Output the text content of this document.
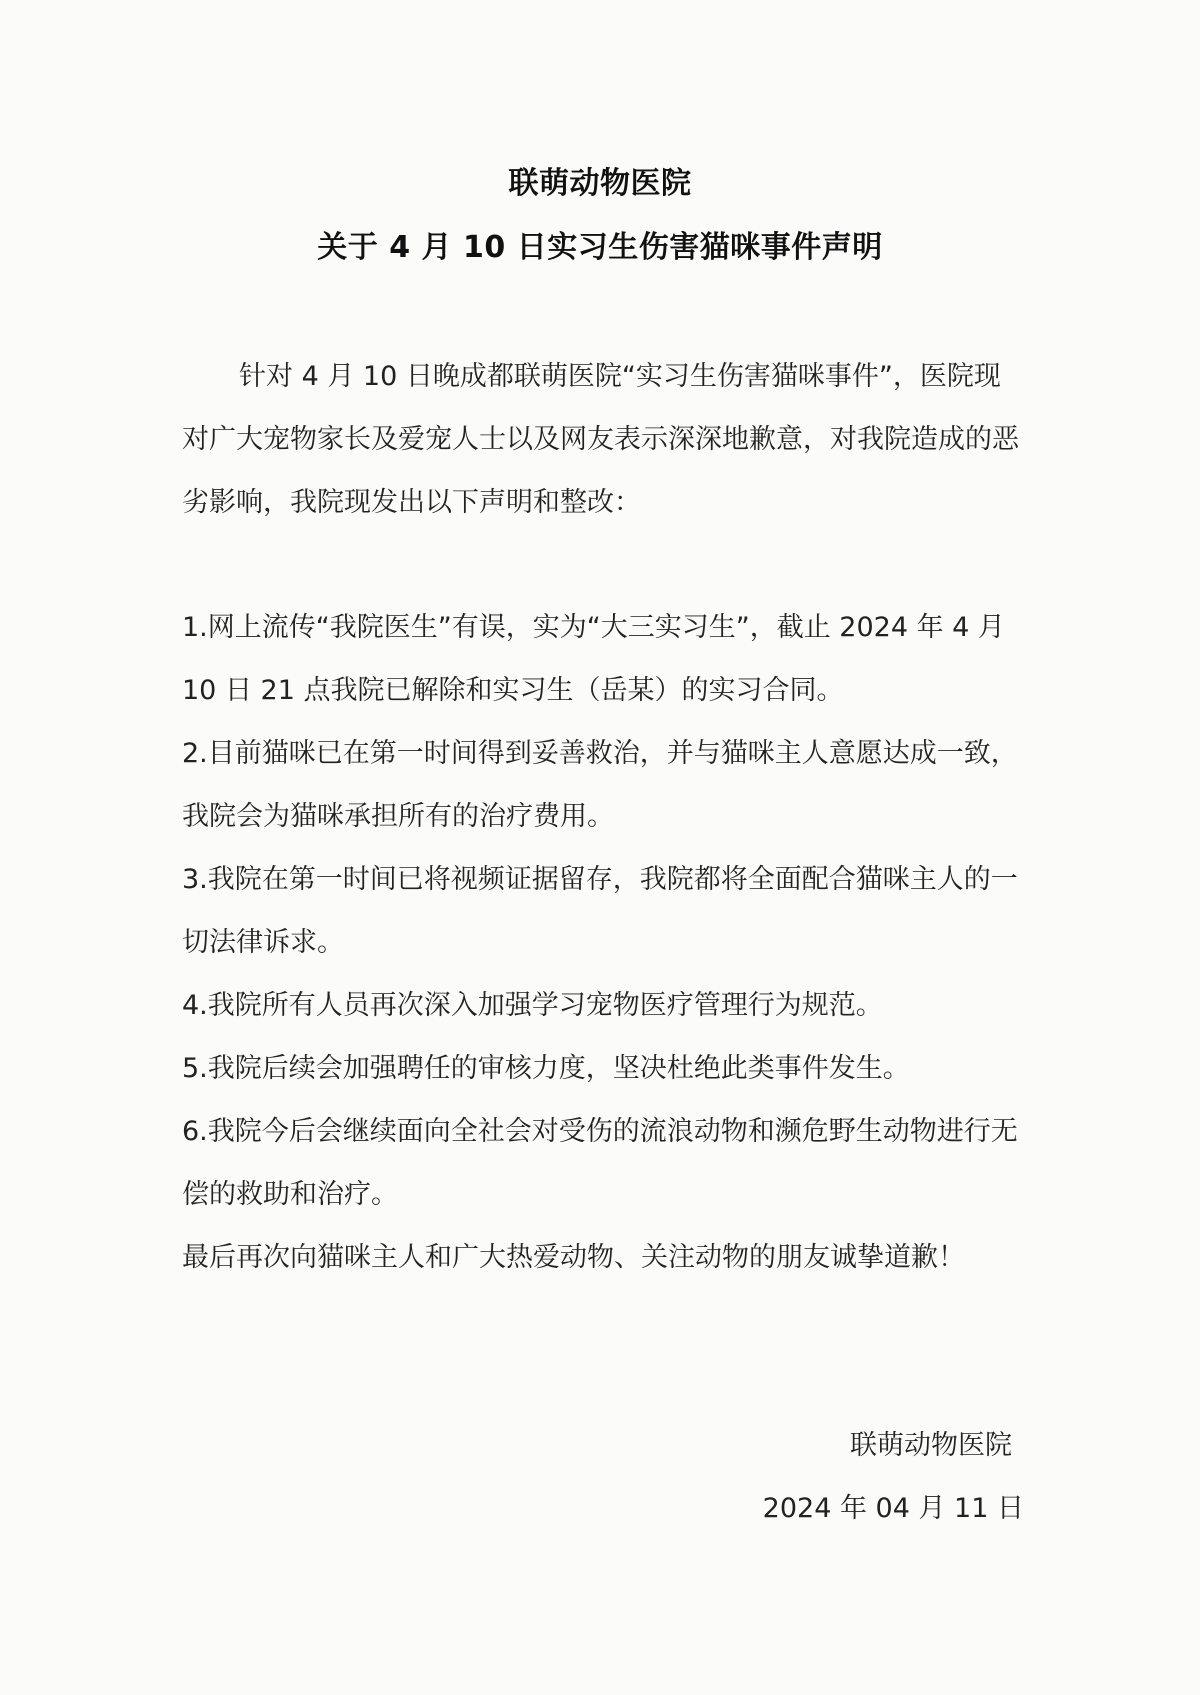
联萌动物医院
关于 4 月 10 日实习生伤害猫咪事件声明
针对 4 月 10 日晚成都联萌医院“实习生伤害猫咪事件”，医院现对广大宠物家长及爱宠人士以及网友表示深深地歉意，对我院造成的恶劣影响，我院现发出以下声明和整改：

1.网上流传“我院医生”有误，实为“大三实习生”，截止 2024 年 4 月 10 日 21 点我院已解除和实习生（岳某）的实习合同。

2.目前猫咪已在第一时间得到妥善救治，并与猫咪主人意愿达成一致，我院会为猫咪承担所有的治疗费用。

3.我院在第一时间已将视频证据留存，我院都将全面配合猫咪主人的一切法律诉求。

4.我院所有人员再次深入加强学习宠物医疗管理行为规范。

5.我院后续会加强聘任的审核力度，坚决杜绝此类事件发生。

6.我院今后会继续面向全社会对受伤的流浪动物和濒危野生动物进行无偿的救助和治疗。

最后再次向猫咪主人和广大热爱动物、关注动物的朋友诚挚道歉！

联萌动物医院
2024 年 04 月 11 日
